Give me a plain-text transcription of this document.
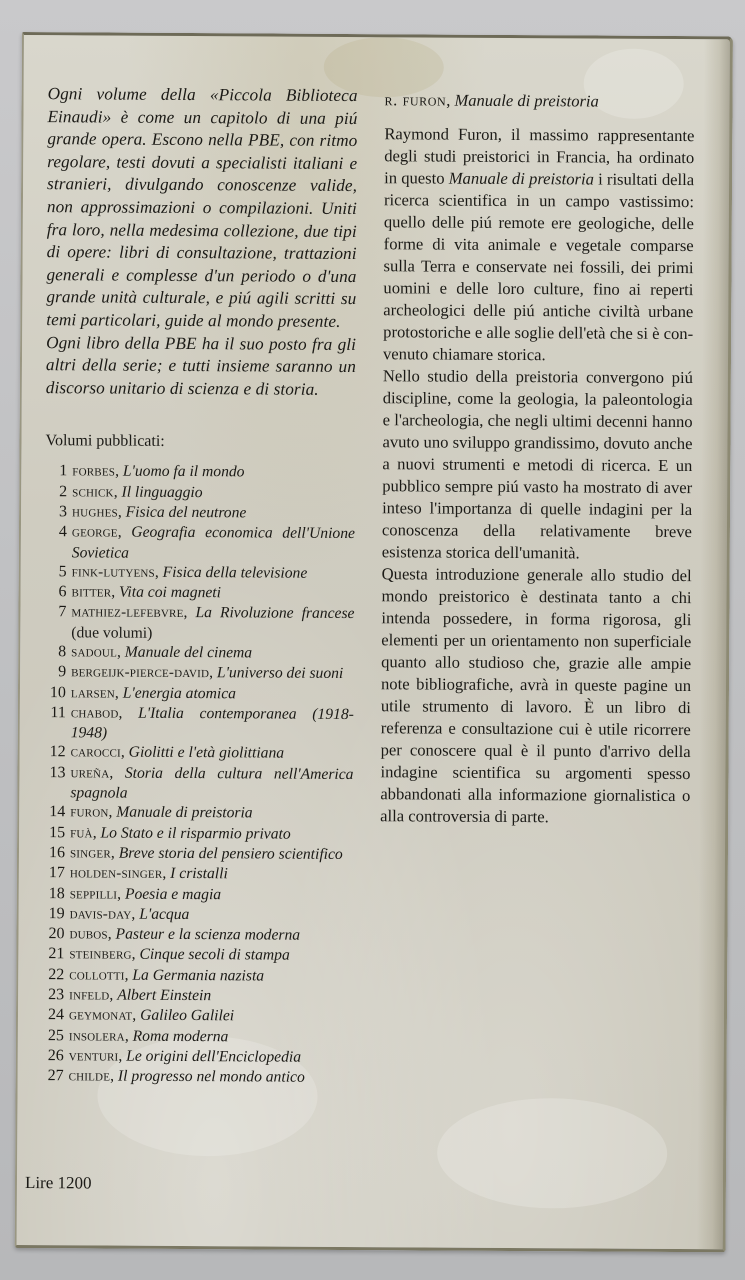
Ogni volume della «Piccola Biblioteca Einaudi» è come un capitolo di una piú grande opera. Escono nella PBE, con ritmo regolare, testi dovuti a specialisti italiani e stranieri, divulgando conoscenze valide, non approssimazioni o compilazioni. Uniti fra loro, nella medesima collezione, due tipi di opere: libri di consultazione, trattazioni generali e complesse d'un periodo o d'una grande unità culturale, e piú agili scritti su temi particolari, guide al mondo presente.

Ogni libro della PBE ha il suo posto fra gli altri della serie; e tutti insieme saranno un discorso unitario di scienza e di storia.

Volumi pubblicati:
1 forbes, L'uomo fa il mondo
2 schick, Il linguaggio
3 hughes, Fisica del neutrone
4 george, Geografia economica dell'Unione Sovietica
5 fink-lutyens, Fisica della televisione
6 bitter, Vita coi magneti
7 mathiez-lefebvre, La Rivoluzione francese (due volumi)
8 sadoul, Manuale del cinema
9 bergeijk-pierce-david, L'universo dei suoni
10 larsen, L'energia atomica
11 chabod, L'Italia contemporanea (1918-1948)
12 carocci, Giolitti e l'età giolittiana
13 ureña, Storia della cultura nell'America spagnola
14 furon, Manuale di preistoria
15 fuà, Lo Stato e il risparmio privato
16 singer, Breve storia del pensiero scientifico
17 holden-singer, I cristalli
18 seppilli, Poesia e magia
19 davis-day, L'acqua
20 dubos, Pasteur e la scienza moderna
21 steinberg, Cinque secoli di stampa
22 collotti, La Germania nazista
23 infeld, Albert Einstein
24 geymonat, Galileo Galilei
25 insolera, Roma moderna
26 venturi, Le origini dell'Enciclopedia
27 childe, Il progresso nel mondo antico
Lire 1200
r. furon, Manuale di preistoria

Raymond Furon, il massimo rappresentante degli studi preistorici in Francia, ha ordinato in questo Manuale di preistoria i risultati della ricerca scientifica in un campo vastissimo: quello delle piú remote ere geologiche, delle forme di vita animale e vegetale comparse sulla Terra e conservate nei fossili, dei primi uomini e delle loro culture, fino ai reperti archeologici delle piú antiche civiltà urbane protostoriche e alle soglie dell'età che si è convenuto chiamare storica.

Nello studio della preistoria convergono piú discipline, come la geologia, la paleontologia e l'archeologia, che negli ultimi decenni hanno avuto uno sviluppo grandissimo, dovuto anche a nuovi strumenti e metodi di ricerca. E un pubblico sempre piú vasto ha mostrato di aver inteso l'importanza di quelle indagini per la conoscenza della relativamente breve esistenza storica dell'umanità.

Questa introduzione generale allo studio del mondo preistorico è destinata tanto a chi intenda possedere, in forma rigorosa, gli elementi per un orientamento non superficiale quanto allo studioso che, grazie alle ampie note bibliografiche, avrà in queste pagine un utile strumento di lavoro. È un libro di referenza e consultazione cui è utile ricorrere per conoscere qual è il punto d'arrivo della indagine scientifica su argomenti spesso abbandonati alla informazione giornalistica o alla controversia di parte.
